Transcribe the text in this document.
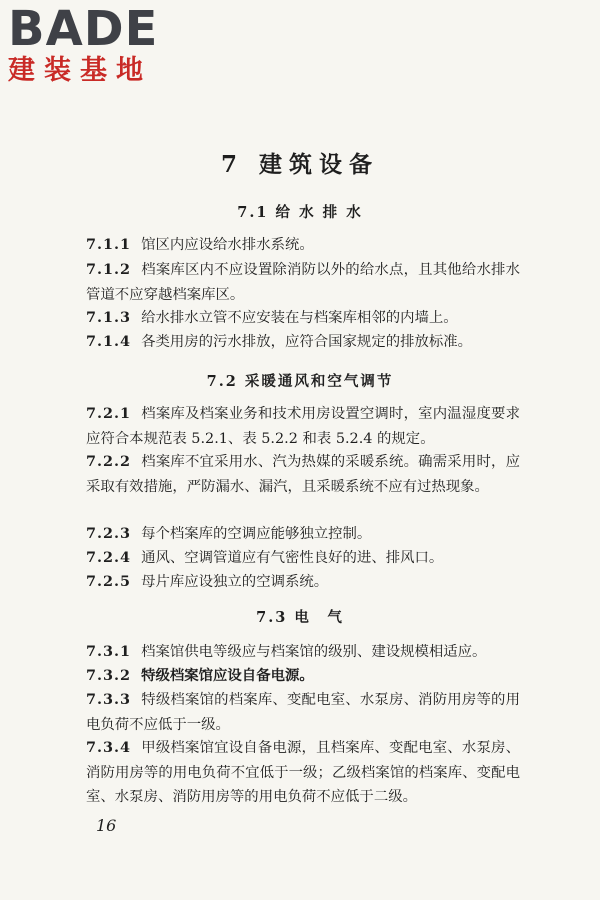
BADE
建装基地
7 建筑设备
7.1 给 水 排 水
7.1.1 馆区内应设给水排水系统。
7.1.2 档案库区内不应设置除消防以外的给水点，且其他给水排水管道不应穿越档案库区。
7.1.3 给水排水立管不应安装在与档案库相邻的内墙上。
7.1.4 各类用房的污水排放，应符合国家规定的排放标准。
7.2 采暖通风和空气调节
7.2.1 档案库及档案业务和技术用房设置空调时，室内温湿度要求应符合本规范表 5.2.1、表 5.2.2 和表 5.2.4 的规定。
7.2.2 档案库不宜采用水、汽为热媒的采暖系统。确需采用时，应采取有效措施，严防漏水、漏汽，且采暖系统不应有过热现象。
7.2.3 每个档案库的空调应能够独立控制。
7.2.4 通风、空调管道应有气密性良好的进、排风口。
7.2.5 母片库应设独立的空调系统。
7.3 电　气
7.3.1 档案馆供电等级应与档案馆的级别、建设规模相适应。
7.3.2 特级档案馆应设自备电源。
7.3.3 特级档案馆的档案库、变配电室、水泵房、消防用房等的用电负荷不应低于一级。
7.3.4 甲级档案馆宜设自备电源，且档案库、变配电室、水泵房、消防用房等的用电负荷不宜低于一级；乙级档案馆的档案库、变配电室、水泵房、消防用房等的用电负荷不应低于二级。
16
